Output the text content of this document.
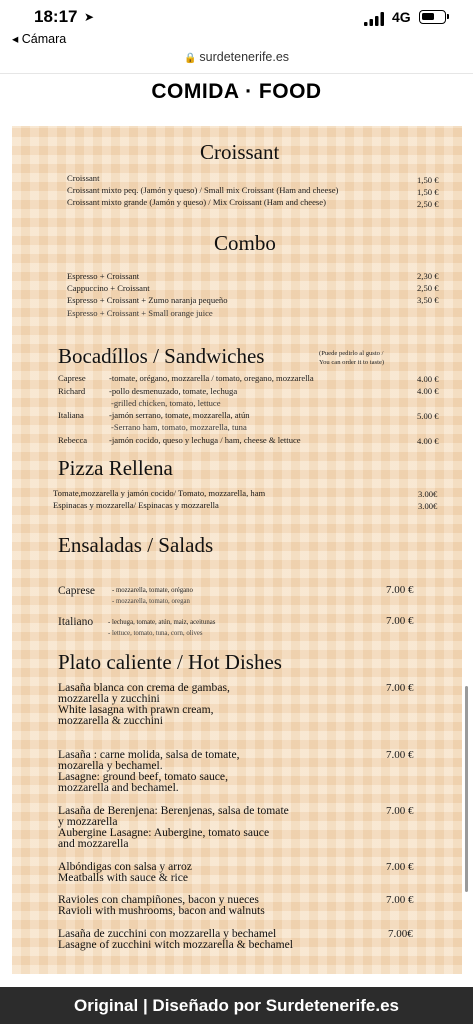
18:17 ➤
◂ Cámara
4G
🔒 surdetenerife.es
COMIDA · FOOD
Croissant
Croissant	1,50 €
Croissant mixto peq. (Jamón y queso) / Small mix Croissant (Ham and cheese)	1,50 €
Croissant mixto grande (Jamón y queso) / Mix Croissant (Ham and cheese)	2,50 €
Combo
Espresso + Croissant	2,30 €
Cappuccino + Croissant	2,50 €
Espresso + Croissant + Zumo naranja pequeño	3,50 €
Espresso + Croissant + Small orange juice
Bocadíllos / Sandwiches	(Puede pedirlo al gusto /
You can order it to taste)
Caprese	-tomate, orégano, mozzarella / tomato, oregano, mozzarella	4.00 €
Richard	-pollo desmenuzado, tomate, lechuga
-grilled chicken, tomato, lettuce
4.00 €
Italiana	-jamón serrano, tomate, mozzarella, atún
-Serrano ham, tomato, mozzarella, tuna
5.00 €
Rebecca	-jamón cocido, queso y lechuga / ham, cheese & lettuce	4.00 €
Pizza Rellena
Tomate,mozzarella y jamón cocido/ Tomato, mozzarella, ham	3.00€
Espinacas y mozzarella/ Espinacas y mozzarella	3.00€
Ensaladas / Salads
Caprese - mozzarella, tomate, orégano
- mozzarella, tomato, oregan
7.00 €
Italiano - lechuga, tomate, atún, maiz, aceitunas
- lettuce, tomato, tuna, corn, olives
7.00 €
Plato caliente / Hot Dishes
Lasaña blanca con crema de gambas,
mozzarella y zucchini
White lasagna with prawn cream,
mozzarella & zucchini
7.00 €
Lasaña : carne molida, salsa de tomate,
mozarella y bechamel.
Lasagne: ground beef, tomato sauce,
mozzarella and bechamel.
7.00 €
Lasaña de Berenjena: Berenjenas, salsa de tomate
y mozzarella
Aubergine Lasagne: Aubergine, tomato sauce
and mozzarella
7.00 €
Albóndigas con salsa y arroz
Meatballs with sauce & rice
7.00 €
Ravioles con champiñones, bacon y nueces
Ravioli with mushrooms, bacon and walnuts
7.00 €
Lasaña de zucchini con mozzarella y bechamel
Lasagne of zucchini witch mozzarella & bechamel
7.00€
Original | Diseñado por Surdetenerife.es
